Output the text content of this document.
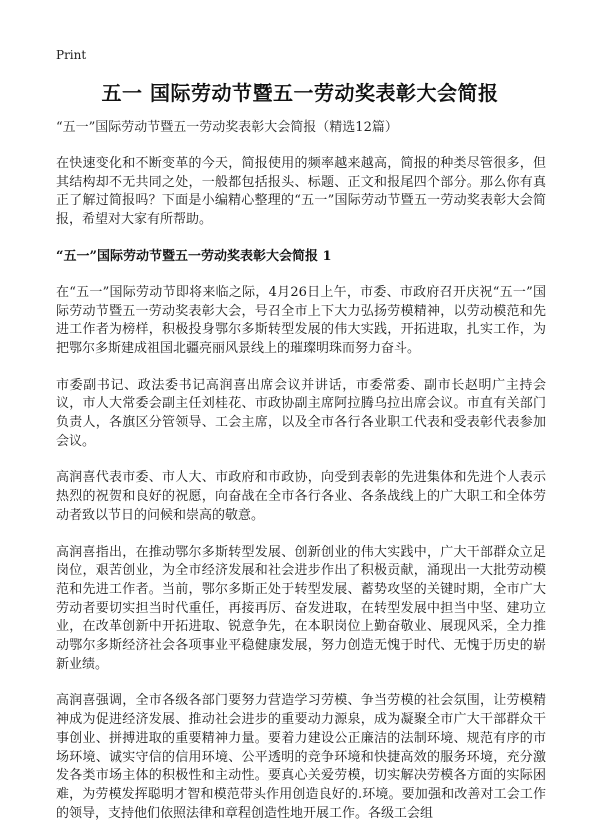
Print
五一 国际劳动节暨五一劳动奖表彰大会简报

“五一”国际劳动节暨五一劳动奖表彰大会简报（精选12篇）

在快速变化和不断变革的今天，简报使用的频率越来越高，简报的种类尽管很多，但其结构却不无共同之处，一般都包括报头、标题、正文和报尾四个部分。那么你有真正了解过简报吗？下面是小编精心整理的“五一”国际劳动节暨五一劳动奖表彰大会简报，希望对大家有所帮助。

“五一”国际劳动节暨五一劳动奖表彰大会简报 1

在“五一”国际劳动节即将来临之际，4月26日上午，市委、市政府召开庆祝“五一”国际劳动节暨五一劳动奖表彰大会，号召全市上下大力弘扬劳模精神，以劳动模范和先进工作者为榜样，积极投身鄂尔多斯转型发展的伟大实践，开拓进取，扎实工作，为把鄂尔多斯建成祖国北疆亮丽风景线上的璀璨明珠而努力奋斗。

市委副书记、政法委书记高润喜出席会议并讲话，市委常委、副市长赵明广主持会议，市人大常委会副主任刘桂花、市政协副主席阿拉腾乌拉出席会议。市直有关部门负责人，各旗区分管领导、工会主席，以及全市各行各业职工代表和受表彰代表参加会议。

高润喜代表市委、市人大、市政府和市政协，向受到表彰的先进集体和先进个人表示热烈的祝贺和良好的祝愿，向奋战在全市各行各业、各条战线上的广大职工和全体劳动者致以节日的问候和崇高的敬意。

高润喜指出，在推动鄂尔多斯转型发展、创新创业的伟大实践中，广大干部群众立足岗位，艰苦创业，为全市经济发展和社会进步作出了积极贡献，涌现出一大批劳动模范和先进工作者。当前，鄂尔多斯正处于转型发展、蓄势攻坚的关键时期，全市广大劳动者要切实担当时代重任，再接再厉、奋发进取，在转型发展中担当中坚、建功立业，在改革创新中开拓进取、锐意争先，在本职岗位上勤奋敬业、展现风采，全力推动鄂尔多斯经济社会各项事业平稳健康发展，努力创造无愧于时代、无愧于历史的崭新业绩。

高润喜强调，全市各级各部门要努力营造学习劳模、争当劳模的社会氛围，让劳模精神成为促进经济发展、推动社会进步的重要动力源泉，成为凝聚全市广大干部群众干事创业、拼搏进取的重要精神力量。要着力建设公正廉洁的法制环境、规范有序的市场环境、诚实守信的信用环境、公平透明的竞争环境和快捷高效的服务环境，充分激发各类市场主体的积极性和主动性。要真心关爱劳模，切实解决劳模各方面的实际困难，为劳模发挥聪明才智和模范带头作用创造良好的.环境。要加强和改善对工会工作的领导，支持他们依照法律和章程创造性地开展工作。各级工会组
